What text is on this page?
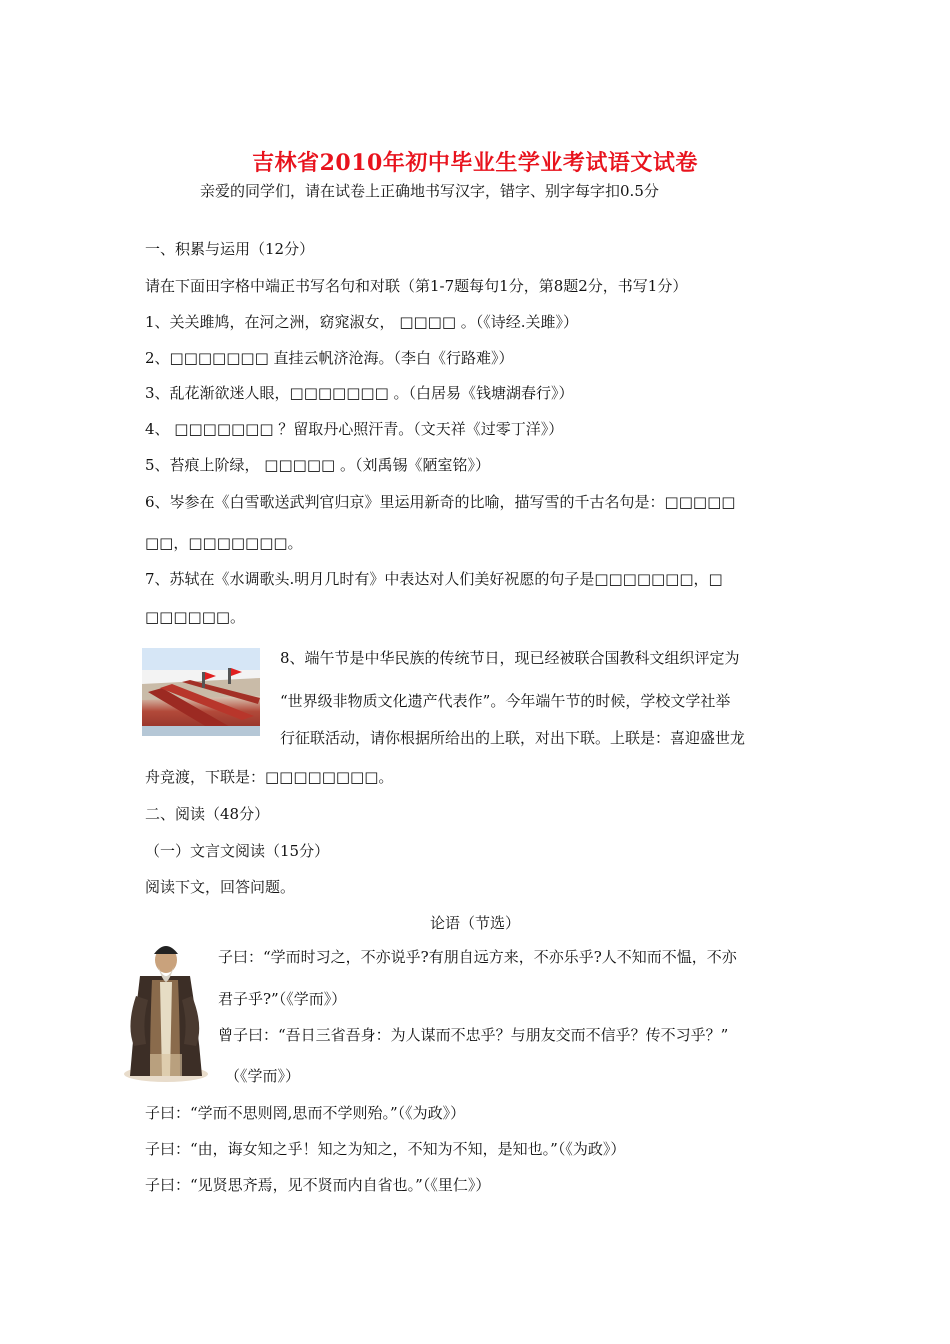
吉林省2010年初中毕业生学业考试语文试卷
亲爱的同学们，请在试卷上正确地书写汉字，错字、别字每字扣0.5分
一、积累与运用（12分）
请在下面田字格中端正书写名句和对联（第1-7题每句1分，第8题2分，书写1分）
1、关关雎鸠，在河之洲，窈窕淑女， □□□□ 。（《诗经.关雎》）
2、□□□□□□□ 直挂云帆济沧海。（李白《行路难》）
3、乱花渐欲迷人眼，□□□□□□□ 。（白居易《钱塘湖春行》）
4、 □□□□□□□ ？留取丹心照汗青。（文天祥《过零丁洋》）
5、苔痕上阶绿， □□□□□ 。（刘禹锡《陋室铭》）
6、岑参在《白雪歌送武判官归京》里运用新奇的比喻，描写雪的千古名句是：□□□□□
□□，□□□□□□□。
7、苏轼在《水调歌头.明月几时有》中表达对人们美好祝愿的句子是□□□□□□□，□
□□□□□□。
8、端午节是中华民族的传统节日，现已经被联合国教科文组织评定为
“世界级非物质文化遗产代表作”。今年端午节的时候，学校文学社举
行征联活动，请你根据所给出的上联，对出下联。上联是：喜迎盛世龙
舟竞渡，下联是：□□□□□□□□。
二、阅读（48分）
（一）文言文阅读（15分）
阅读下文，回答问题。
论语（节选）
子曰：“学而时习之，不亦说乎?有朋自远方来，不亦乐乎?人不知而不愠，不亦
君子乎?”（《学而》）
曾子曰：“吾日三省吾身：为人谋而不忠乎？与朋友交而不信乎？传不习乎？”
（《学而》）
子曰：“学而不思则罔,思而不学则殆。”（《为政》）
子曰：“由，诲女知之乎！知之为知之，不知为不知，是知也。”（《为政》）
子曰：“见贤思齐焉，见不贤而内自省也。”（《里仁》）
